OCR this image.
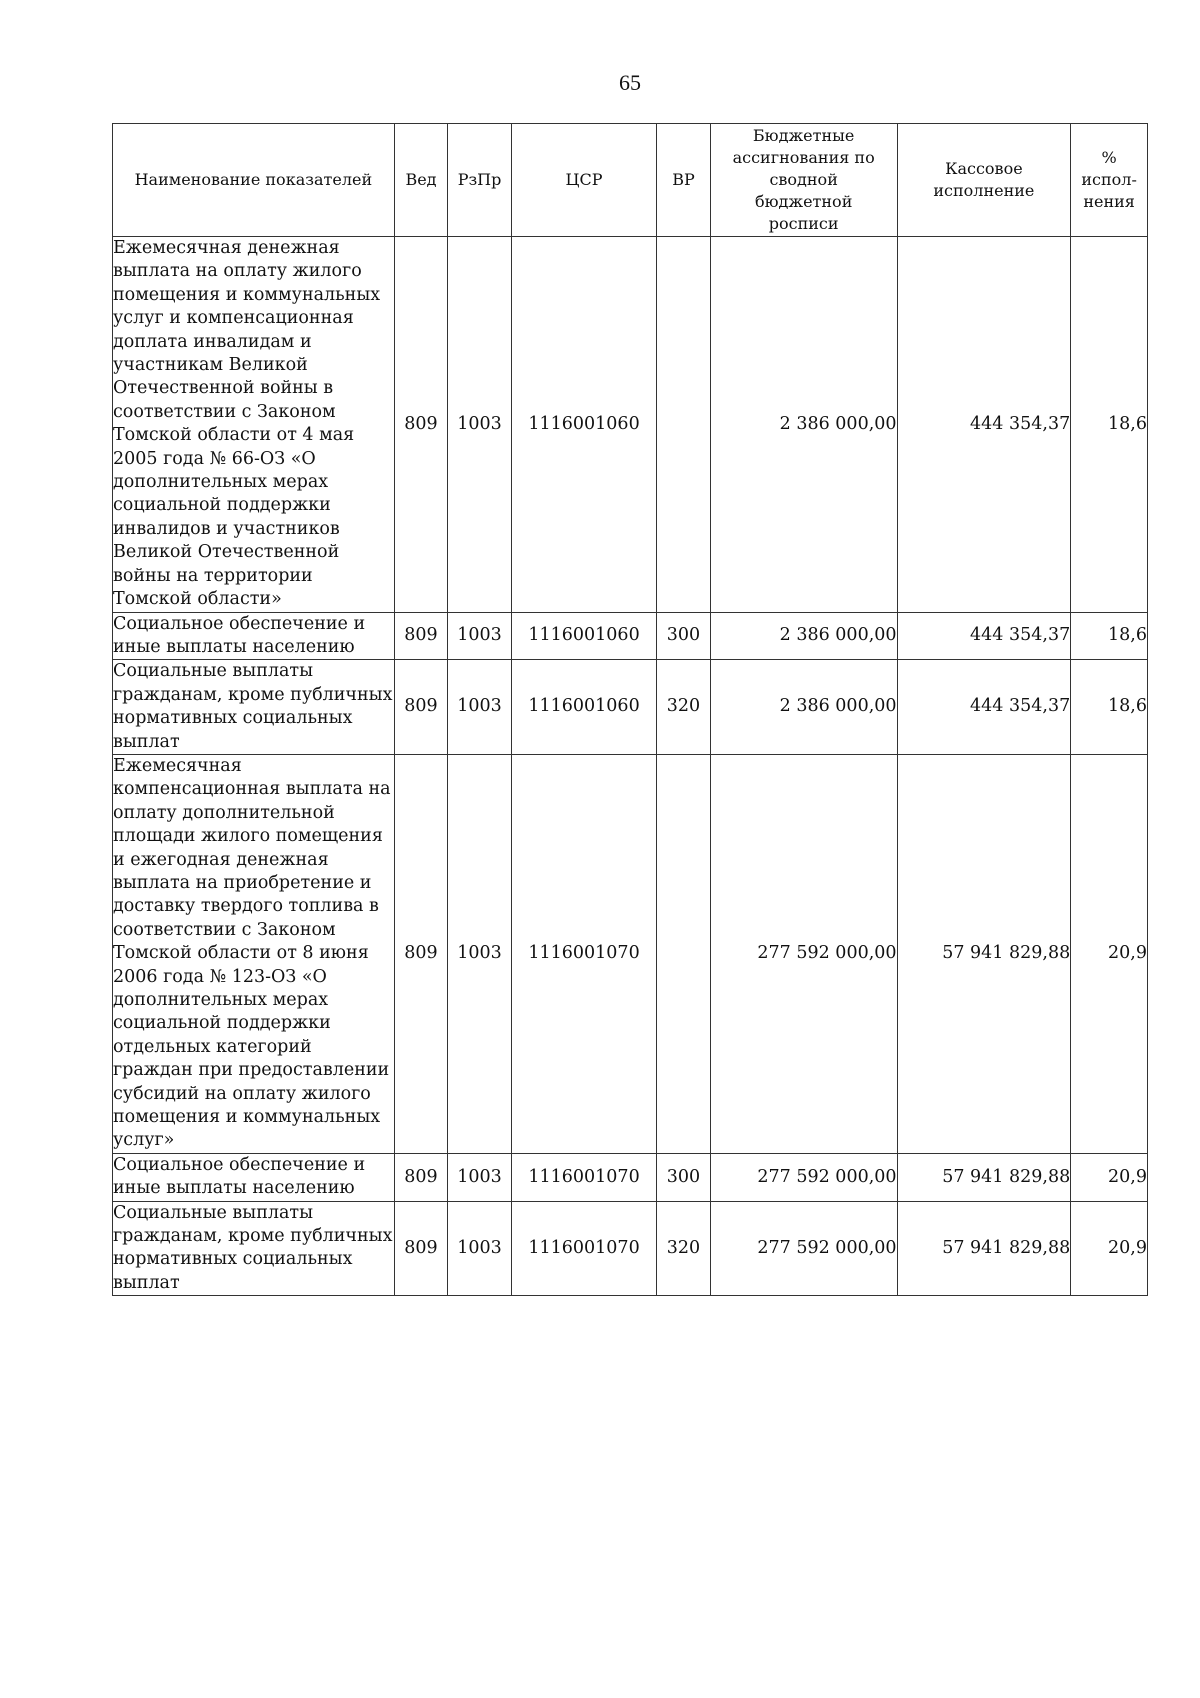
65
Наименование показателей	Вед	РзПр	ЦСР	ВР	Бюджетные ассигнования по сводной бюджетной росписи	Кассовое исполнение	% испол-нения
Ежемесячная денежная выплата на оплату жилого помещения и коммунальных услуг и компенсационная доплата инвалидам и участникам Великой Отечественной войны в соответствии с Законом Томской области от 4 мая 2005 года № 66-ОЗ «О дополнительных мерах социальной поддержки инвалидов и участников Великой Отечественной войны на территории Томской области»	809	1003	1116001060		2 386 000,00	444 354,37	18,6
Социальное обеспечение и иные выплаты населению	809	1003	1116001060	300	2 386 000,00	444 354,37	18,6
Социальные выплаты гражданам, кроме публичных нормативных социальных выплат	809	1003	1116001060	320	2 386 000,00	444 354,37	18,6
Ежемесячная компенсационная выплата на оплату дополнительной площади жилого помещения и ежегодная денежная выплата на приобретение и доставку твердого топлива в соответствии с Законом Томской области от 8 июня 2006 года № 123-ОЗ «О дополнительных мерах социальной поддержки отдельных категорий граждан при предоставлении субсидий на оплату жилого помещения и коммунальных услуг»	809	1003	1116001070		277 592 000,00	57 941 829,88	20,9
Социальное обеспечение и иные выплаты населению	809	1003	1116001070	300	277 592 000,00	57 941 829,88	20,9
Социальные выплаты гражданам, кроме публичных нормативных социальных выплат	809	1003	1116001070	320	277 592 000,00	57 941 829,88	20,9
